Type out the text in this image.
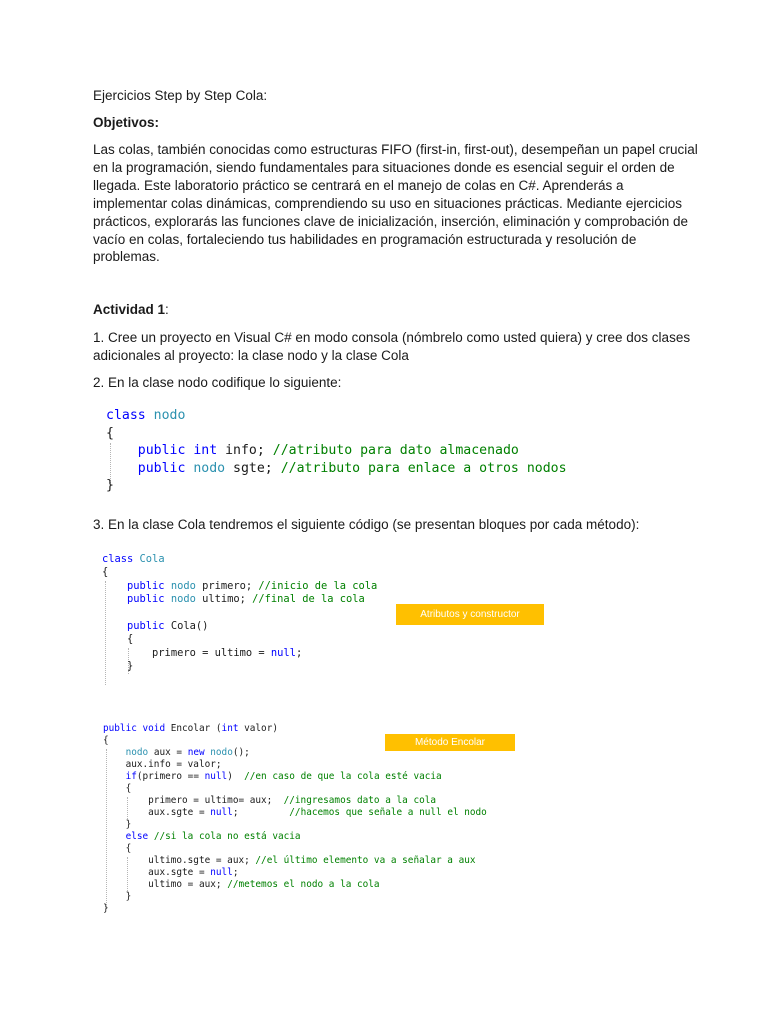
Ejercicios Step by Step Cola:

Objetivos:

Las colas, también conocidas como estructuras FIFO (first-in, first-out), desempeñan un papel crucial
en la programación, siendo fundamentales para situaciones donde es esencial seguir el orden de
llegada. Este laboratorio práctico se centrará en el manejo de colas en C#. Aprenderás a
implementar colas dinámicas, comprendiendo su uso en situaciones prácticas. Mediante ejercicios
prácticos, explorarás las funciones clave de inicialización, inserción, eliminación y comprobación de
vacío en colas, fortaleciendo tus habilidades en programación estructurada y resolución de
problemas.

Actividad 1:

1. Cree un proyecto en Visual C# en modo consola (nómbrelo como usted quiera) y cree dos clases
adicionales al proyecto: la clase nodo y la clase Cola

2. En la clase nodo codifique lo siguiente:

class nodo
{
public int info; //atributo para dato almacenado
public nodo sgte; //atributo para enlace a otros nodos
}

3. En la clase Cola tendremos el siguiente código (se presentan bloques por cada método):

class Cola
{
public nodo primero; //inicio de la cola
public nodo ultimo; //final de la cola
public Cola()
{
primero = ultimo = null;
}
Atributos y constructor
public void Encolar (int valor)
{
nodo aux = new nodo();
aux.info = valor;
if(primero == null)  //en caso de que la cola esté vacia
{
primero = ultimo= aux;  //ingresamos dato a la cola
aux.sgte = null;         //hacemos que señale a null el nodo
}
else //si la cola no está vacia
{
ultimo.sgte = aux; //el último elemento va a señalar a aux
aux.sgte = null;
ultimo = aux; //metemos el nodo a la cola
}
}
Método Encolar
